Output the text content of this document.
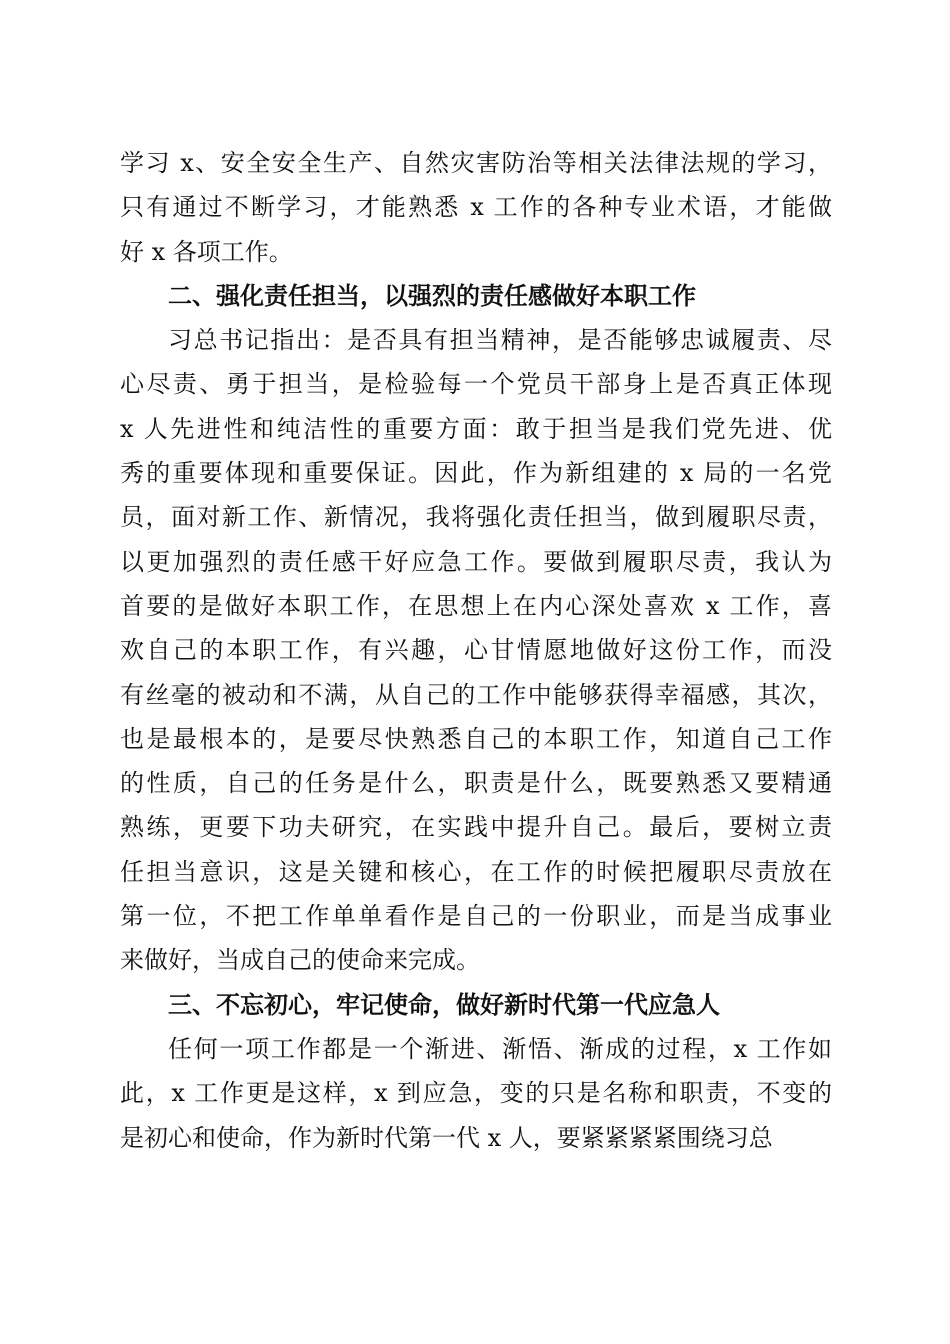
学习 x、安全安全生产、自然灾害防治等相关法律法规的学习，
只有通过不断学习，才能熟悉 x 工作的各种专业术语，才能做
好 x 各项工作。

二、强化责任担当，以强烈的责任感做好本职工作

习总书记指出：是否具有担当精神，是否能够忠诚履责、尽
心尽责、勇于担当，是检验每一个党员干部身上是否真正体现
x 人先进性和纯洁性的重要方面：敢于担当是我们党先进、优
秀的重要体现和重要保证。因此，作为新组建的 x 局的一名党
员，面对新工作、新情况，我将强化责任担当，做到履职尽责，
以更加强烈的责任感干好应急工作。要做到履职尽责，我认为
首要的是做好本职工作，在思想上在内心深处喜欢 x 工作，喜
欢自己的本职工作，有兴趣，心甘情愿地做好这份工作，而没
有丝毫的被动和不满，从自己的工作中能够获得幸福感，其次，
也是最根本的，是要尽快熟悉自己的本职工作，知道自己工作
的性质，自己的任务是什么，职责是什么，既要熟悉又要精通
熟练，更要下功夫研究，在实践中提升自己。最后，要树立责
任担当意识，这是关键和核心，在工作的时候把履职尽责放在
第一位，不把工作单单看作是自己的一份职业，而是当成事业
来做好，当成自己的使命来完成。

三、不忘初心，牢记使命，做好新时代第一代应急人

任何一项工作都是一个渐进、渐悟、渐成的过程，x 工作如
此，x 工作更是这样，x 到应急，变的只是名称和职责，不变的
是初心和使命，作为新时代第一代 x 人，要紧紧紧紧围绕习总
